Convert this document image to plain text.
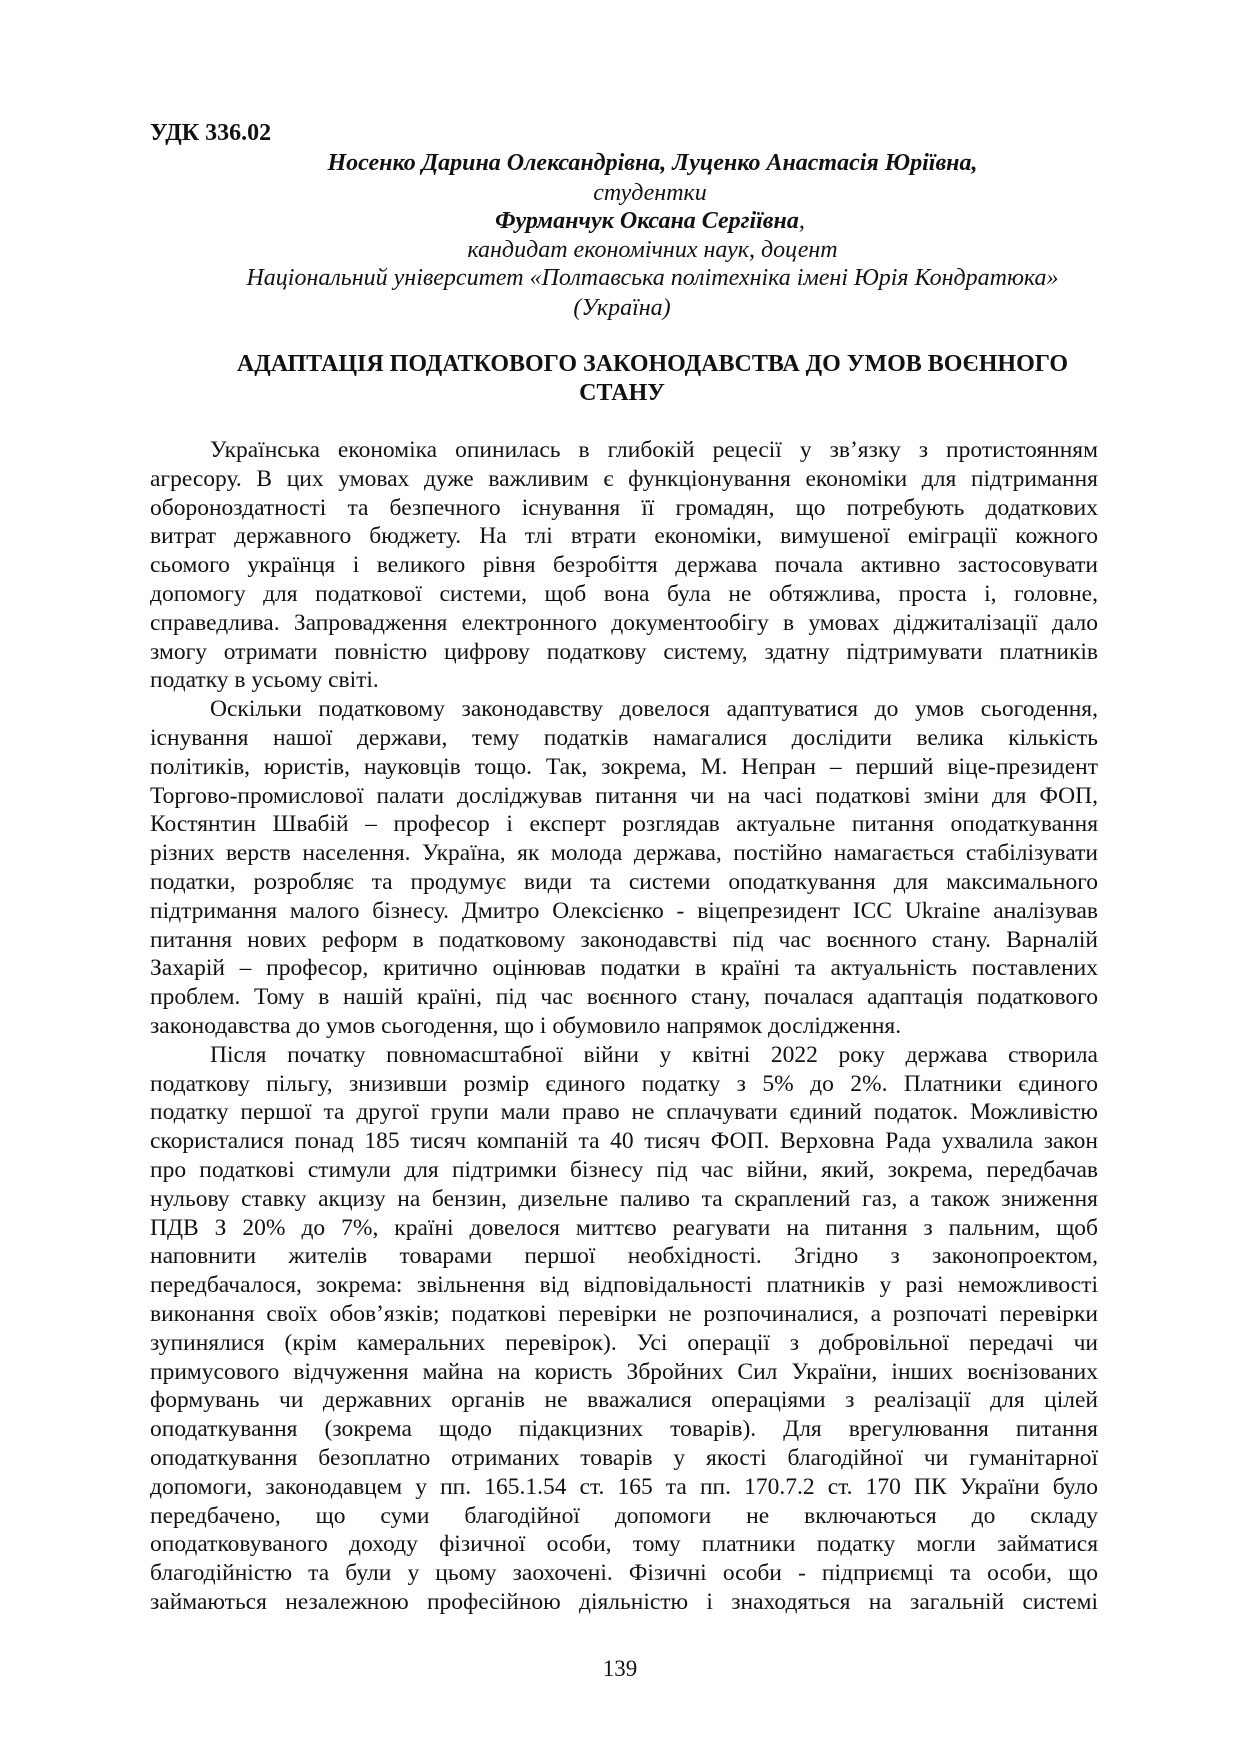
УДК 336.02
Носенко Дарина Олександрівна, Луценко Анастасія Юріївна,
студентки
Фурманчук Оксана Сергіївна,
кандидат економічних наук, доцент
Національний університет «Полтавська політехніка імені Юрія Кондратюка»
(Україна)
АДАПТАЦІЯ ПОДАТКОВОГО ЗАКОНОДАВСТВА ДО УМОВ ВОЄННОГО
СТАНУ
Українська економіка опинилась в глибокій рецесії у зв’язку з протистоянням
агресору. В цих умовах дуже важливим є функціонування економіки для підтримання
обороноздатності та безпечного існування її громадян, що потребують додаткових
витрат державного бюджету. На тлі втрати економіки, вимушеної еміграції кожного
сьомого українця і великого рівня безробіття держава почала активно застосовувати
допомогу для податкової системи, щоб вона була не обтяжлива, проста і, головне,
справедлива. Запровадження електронного документообігу в умовах діджиталізації дало
змогу отримати повністю цифрову податкову систему, здатну підтримувати платників
податку в усьому світі.
Оскільки податковому законодавству довелося адаптуватися до умов сьогодення,
існування нашої держави, тему податків намагалися дослідити велика кількість
політиків, юристів, науковців тощо. Так, зокрема, М. Непран – перший віце-президент
Торгово-промислової палати досліджував питання чи на часі податкові зміни для ФОП,
Костянтин Швабій – професор і експерт розглядав актуальне питання оподаткування
різних верств населення. Україна, як молода держава, постійно намагається стабілізувати
податки, розробляє та продумує види та системи оподаткування для максимального
підтримання малого бізнесу. Дмитро Олексієнко - віцепрезидент ІСС Ukraine аналізував
питання нових реформ в податковому законодавстві під час воєнного стану. Варналій
Захарій – професор, критично оцінював податки в країні та актуальність поставлених
проблем. Тому в нашій країні, під час воєнного стану, почалася адаптація податкового
законодавства до умов сьогодення, що і обумовило напрямок дослідження.
Після початку повномасштабної війни у квітні 2022 року держава створила
податкову пільгу, знизивши розмір єдиного податку з 5% до 2%. Платники єдиного
податку першої та другої групи мали право не сплачувати єдиний податок. Можливістю
скористалися понад 185 тисяч компаній та 40 тисяч ФОП. Верховна Рада ухвалила закон
про податкові стимули для підтримки бізнесу під час війни, який, зокрема, передбачав
нульову ставку акцизу на бензин, дизельне паливо та скраплений газ, а також зниження
ПДВ З 20% до 7%, країні довелося миттєво реагувати на питання з пальним, щоб
наповнити жителів товарами першої необхідності. Згідно з законопроектом,
передбачалося, зокрема: звільнення від відповідальності платників у разі неможливості
виконання своїх обов’язків; податкові перевірки не розпочиналися, а розпочаті перевірки
зупинялися (крім камеральних перевірок). Усі операції з добровільної передачі чи
примусового відчуження майна на користь Збройних Сил України, інших воєнізованих
формувань чи державних органів не вважалися операціями з реалізації для цілей
оподаткування (зокрема щодо підакцизних товарів). Для врегулювання питання
оподаткування безоплатно отриманих товарів у якості благодійної чи гуманітарної
допомоги, законодавцем у пп. 165.1.54 ст. 165 та пп. 170.7.2 ст. 170 ПК України було
передбачено, що суми благодійної допомоги не включаються до складу
оподатковуваного доходу фізичної особи, тому платники податку могли займатися
благодійністю та були у цьому заохочені. Фізичні особи - підприємці та особи, що
займаються незалежною професійною діяльністю і знаходяться на загальній системі
139
